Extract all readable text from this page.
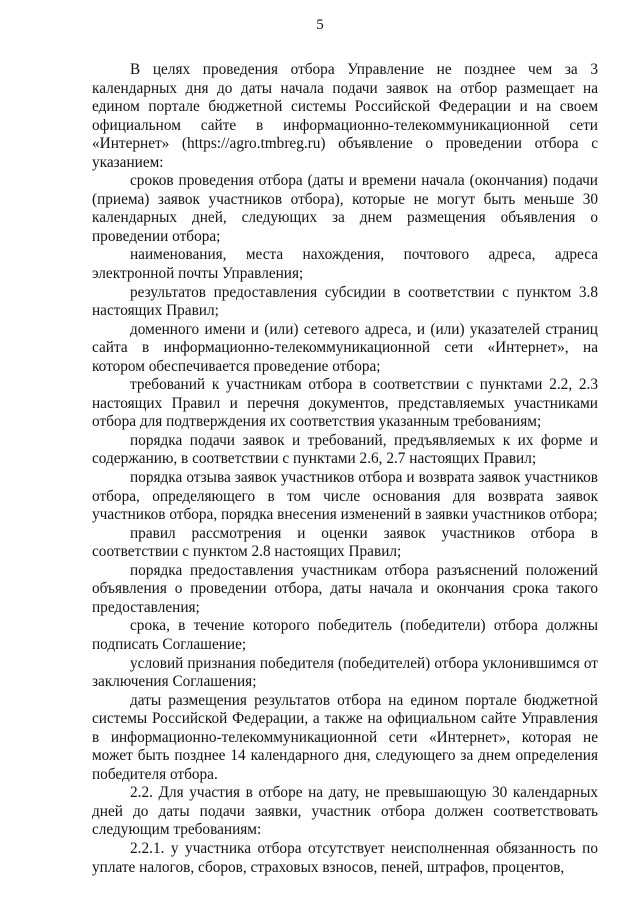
5

В целях проведения отбора Управление не позднее чем за 3 календарных дня до даты начала подачи заявок на отбор размещает на едином портале бюджетной системы Российской Федерации и на своем официальном сайте в информационно-телекоммуникационной сети «Интернет» (https://agro.tmbreg.ru) объявление о проведении отбора с указанием:

сроков проведения отбора (даты и времени начала (окончания) подачи (приема) заявок участников отбора), которые не могут быть меньше 30 календарных дней, следующих за днем размещения объявления о проведении отбора;

наименования, места нахождения, почтового адреса, адреса электронной почты Управления;

результатов предоставления субсидии в соответствии с пунктом 3.8 настоящих Правил;

доменного имени и (или) сетевого адреса, и (или) указателей страниц сайта в информационно-телекоммуникационной сети «Интернет», на котором обеспечивается проведение отбора;

требований к участникам отбора в соответствии с пунктами 2.2, 2.3 настоящих Правил и перечня документов, представляемых участниками отбора для подтверждения их соответствия указанным требованиям;

порядка подачи заявок и требований, предъявляемых к их форме и содержанию, в соответствии с пунктами 2.6, 2.7 настоящих Правил;

порядка отзыва заявок участников отбора и возврата заявок участников отбора, определяющего в том числе основания для возврата заявок участников отбора, порядка внесения изменений в заявки участников отбора;

правил рассмотрения и оценки заявок участников отбора в соответствии с пунктом 2.8 настоящих Правил;

порядка предоставления участникам отбора разъяснений положений объявления о проведении отбора, даты начала и окончания срока такого предоставления;

срока, в течение которого победитель (победители) отбора должны подписать Соглашение;

условий признания победителя (победителей) отбора уклонившимся от заключения Соглашения;

даты размещения результатов отбора на едином портале бюджетной системы Российской Федерации, а также на официальном сайте Управления в информационно-телекоммуникационной сети «Интернет», которая не может быть позднее 14 календарного дня, следующего за днем определения победителя отбора.

2.2. Для участия в отборе на дату, не превышающую 30 календарных дней до даты подачи заявки, участник отбора должен соответствовать следующим требованиям:

2.2.1. у участника отбора отсутствует неисполненная обязанность по уплате налогов, сборов, страховых взносов, пеней, штрафов, процентов,
